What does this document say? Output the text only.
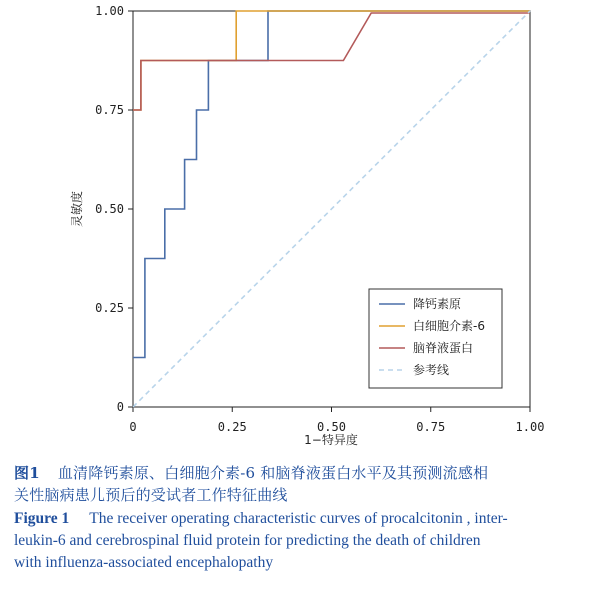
0	0.25	0.50	0.75	1.00
0
0.25
0.50
0.75
1.00
1−特异度
灵敏度
降钙素原
白细胞介素-6
脑脊液蛋白
参考线
图1 血清降钙素原、白细胞介素-6 和脑脊液蛋白水平及其预测流感相
关性脑病患儿预后的受试者工作特征曲线
Figure 1 The receiver operating characteristic curves of procalcitonin , inter-
leukin-6 and cerebrospinal fluid protein for predicting the death of children
with influenza-associated encephalopathy
